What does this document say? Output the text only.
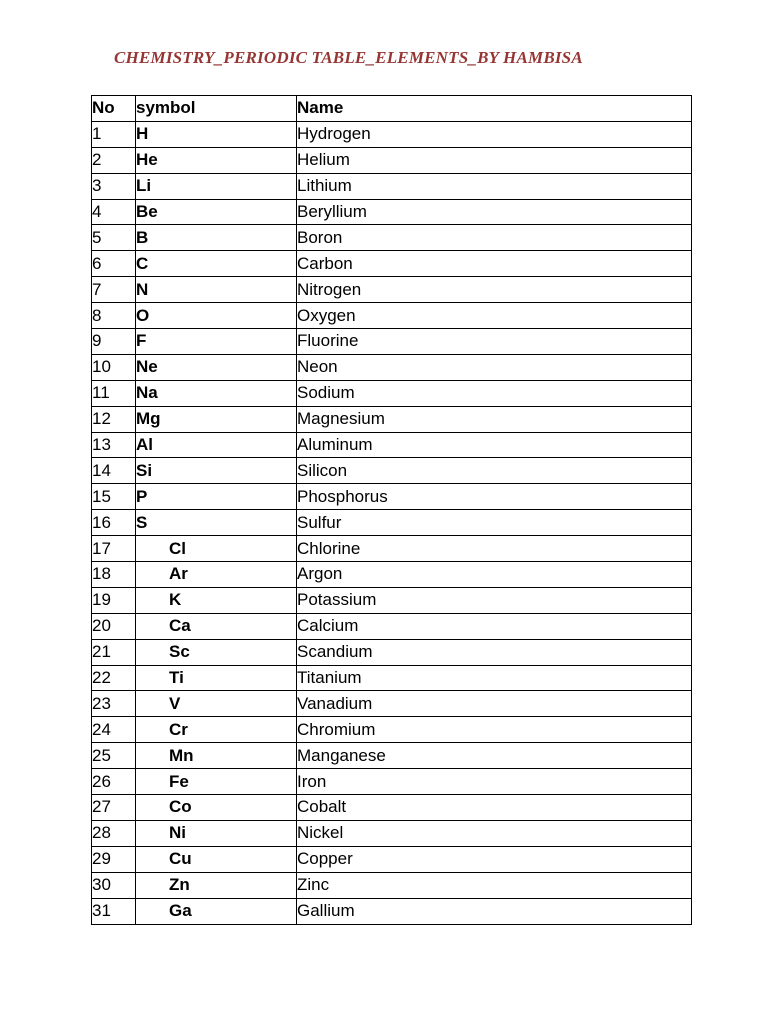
CHEMISTRY_PERIODIC TABLE_ELEMENTS_BY HAMBISA
No	symbol	Name
1	H	Hydrogen
2	He	Helium
3	Li	Lithium
4	Be	Beryllium
5	B	Boron
6	C	Carbon
7	N	Nitrogen
8	O	Oxygen
9	F	Fluorine
10	Ne	Neon
11	Na	Sodium
12	Mg	Magnesium
13	Al	Aluminum
14	Si	Silicon
15	P	Phosphorus
16	S	Sulfur
17	Cl	Chlorine
18	Ar	Argon
19	K	Potassium
20	Ca	Calcium
21	Sc	Scandium
22	Ti	Titanium
23	V	Vanadium
24	Cr	Chromium
25	Mn	Manganese
26	Fe	Iron
27	Co	Cobalt
28	Ni	Nickel
29	Cu	Copper
30	Zn	Zinc
31	Ga	Gallium
